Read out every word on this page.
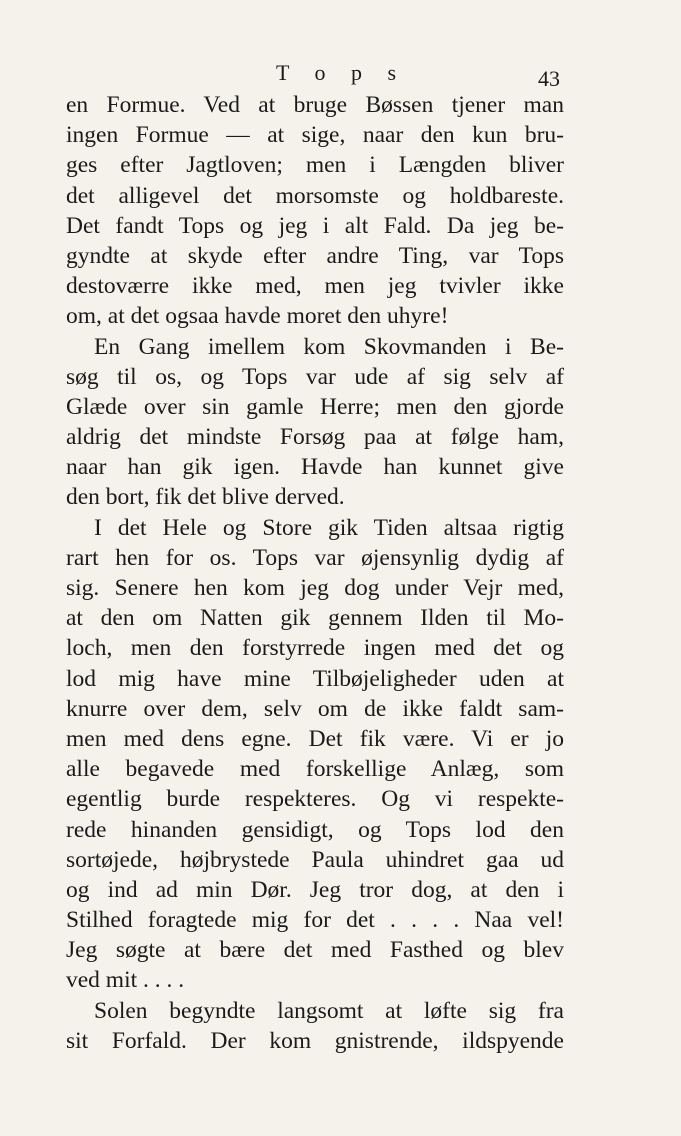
T o p s	43
en Formue. Ved at bruge Bøssen tjener man
ingen Formue — at sige, naar den kun bru-
ges efter Jagtloven; men i Længden bliver
det alligevel det morsomste og holdbareste.
Det fandt Tops og jeg i alt Fald. Da jeg be-
gyndte at skyde efter andre Ting, var Tops
destoværre ikke med, men jeg tvivler ikke
om, at det ogsaa havde moret den uhyre!
En Gang imellem kom Skovmanden i Be-
søg til os, og Tops var ude af sig selv af
Glæde over sin gamle Herre; men den gjorde
aldrig det mindste Forsøg paa at følge ham,
naar han gik igen. Havde han kunnet give
den bort, fik det blive derved.
I det Hele og Store gik Tiden altsaa rigtig
rart hen for os. Tops var øjensynlig dydig af
sig. Senere hen kom jeg dog under Vejr med,
at den om Natten gik gennem Ilden til Mo-
loch, men den forstyrrede ingen med det og
lod mig have mine Tilbøjeligheder uden at
knurre over dem, selv om de ikke faldt sam-
men med dens egne. Det fik være. Vi er jo
alle begavede med forskellige Anlæg, som
egentlig burde respekteres. Og vi respekte-
rede hinanden gensidigt, og Tops lod den
sortøjede, højbrystede Paula uhindret gaa ud
og ind ad min Dør. Jeg tror dog, at den i
Stilhed foragtede mig for det . . . . Naa vel!
Jeg søgte at bære det med Fasthed og blev
ved mit . . . .
Solen begyndte langsomt at løfte sig fra
sit Forfald. Der kom gnistrende, ildspyende
